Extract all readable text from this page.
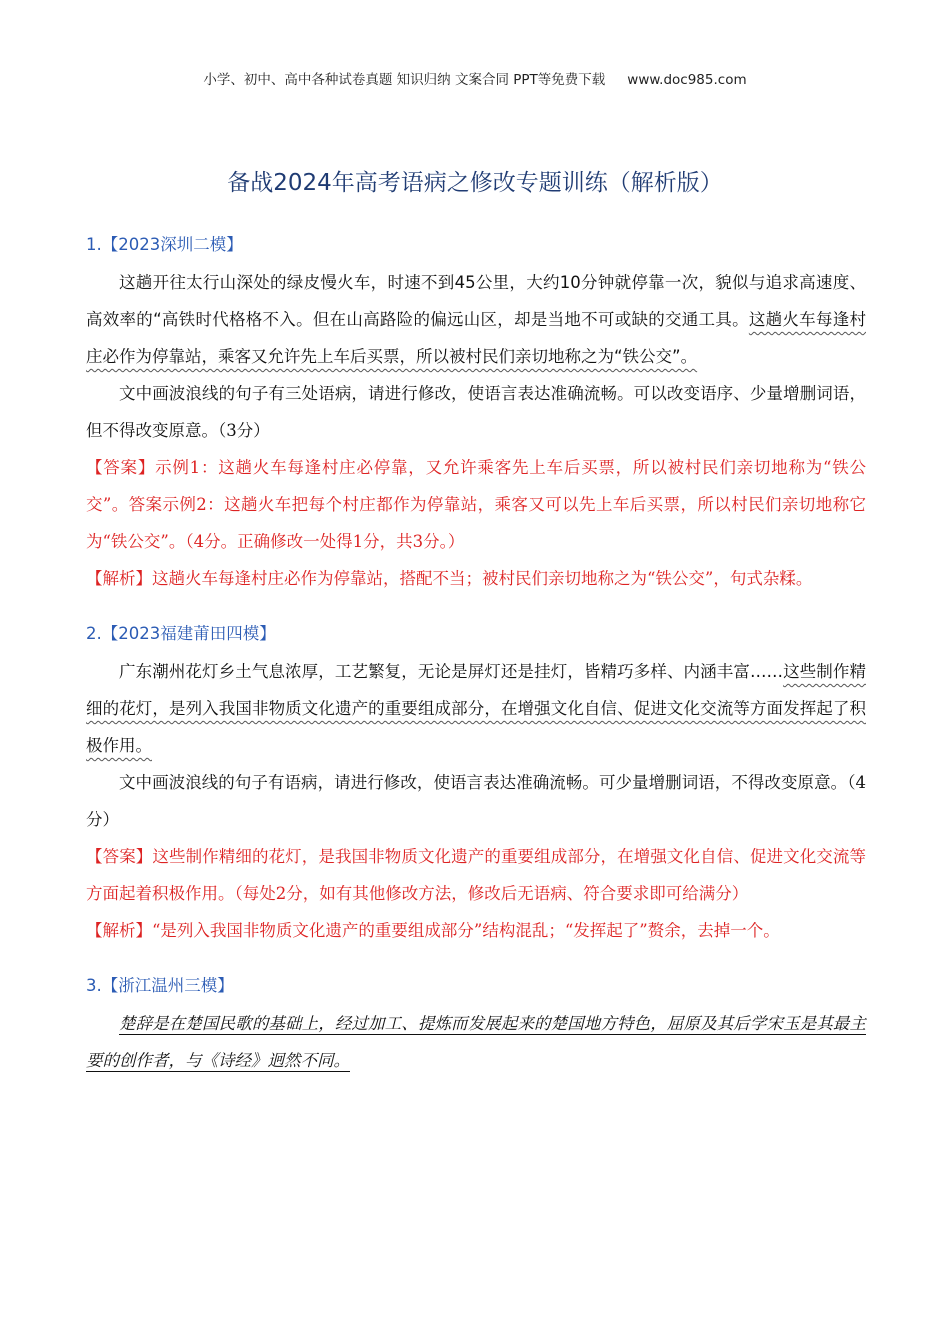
小学、初中、高中各种试卷真题 知识归纳 文案合同 PPT等免费下载 www.doc985.com
备战2024年高考语病之修改专题训练（解析版）

1.【2023深圳二模】

这趟开往太行山深处的绿皮慢火车，时速不到45公里，大约10分钟就停靠一次，貌似与追求高速度、高效率的“高铁时代格格不入。但在山高路险的偏远山区，却是当地不可或缺的交通工具。这趟火车每逢村庄必作为停靠站，乘客又允许先上车后买票，所以被村民们亲切地称之为“铁公交”。

文中画波浪线的句子有三处语病，请进行修改，使语言表达准确流畅。可以改变语序、少量增删词语，但不得改变原意。（3分）

【答案】示例1：这趟火车每逢村庄必停靠，又允许乘客先上车后买票，所以被村民们亲切地称为“铁公交”。答案示例2：这趟火车把每个村庄都作为停靠站，乘客又可以先上车后买票，所以村民们亲切地称它为“铁公交”。（4分。正确修改一处得1分，共3分。）

【解析】这趟火车每逢村庄必作为停靠站，搭配不当；被村民们亲切地称之为“铁公交”，句式杂糅。

2.【2023福建莆田四模】

广东潮州花灯乡土气息浓厚，工艺繁复，无论是屏灯还是挂灯，皆精巧多样、内涵丰富……这些制作精细的花灯，是列入我国非物质文化遗产的重要组成部分，在增强文化自信、促进文化交流等方面发挥起了积极作用。

文中画波浪线的句子有语病，请进行修改，使语言表达准确流畅。可少量增删词语，不得改变原意。（4分）

【答案】这些制作精细的花灯，是我国非物质文化遗产的重要组成部分，在增强文化自信、促进文化交流等方面起着积极作用。（每处2分，如有其他修改方法，修改后无语病、符合要求即可给满分）

【解析】“是列入我国非物质文化遗产的重要组成部分”结构混乱；“发挥起了”赘余，去掉一个。

3.【浙江温州三模】

楚辞是在楚国民歌的基础上，经过加工、提炼而发展起来的楚国地方特色，屈原及其后学宋玉是其最主要的创作者，与《诗经》迥然不同。
